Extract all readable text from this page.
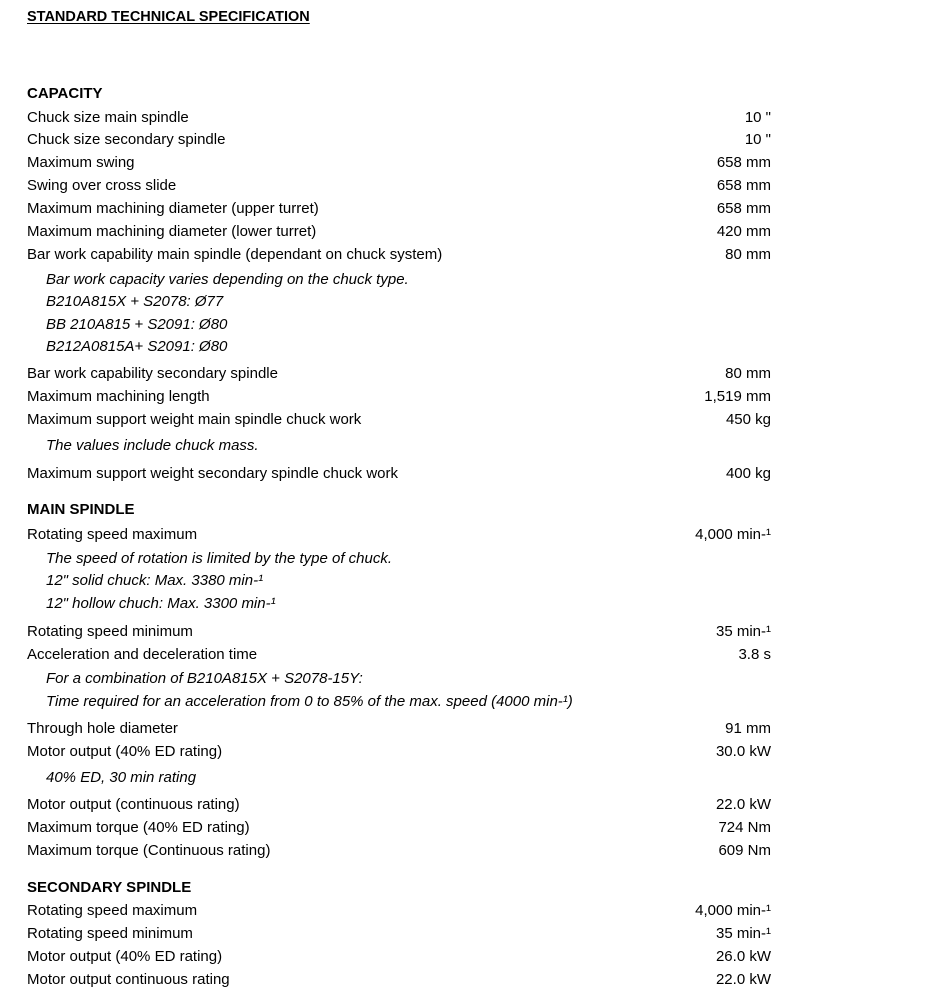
STANDARD TECHNICAL SPECIFICATION
CAPACITY
Chuck size main spindle	10 "
Chuck size secondary spindle	10 "
Maximum swing	658 mm
Swing over cross slide	658 mm
Maximum machining diameter (upper turret)	658 mm
Maximum machining diameter (lower turret)	420 mm
Bar work capability main spindle (dependant on chuck system)	80 mm
Bar work capacity varies depending on the chuck type.
B210A815X + S2078: Ø77
BB 210A815 + S2091: Ø80
B212A0815A+ S2091: Ø80
Bar work capability secondary spindle	80 mm
Maximum machining length	1,519 mm
Maximum support weight main spindle chuck work	450 kg
The values include chuck mass.
Maximum support weight secondary spindle chuck work	400 kg
MAIN SPINDLE
Rotating speed maximum	4,000 min-¹
The speed of rotation is limited by the type of chuck.
12" solid chuck: Max. 3380 min-¹
12" hollow chuch: Max. 3300 min-¹
Rotating speed minimum	35 min-¹
Acceleration and deceleration time	3.8 s
For a combination of B210A815X + S2078-15Y:
Time required for an acceleration from 0 to 85% of the max. speed (4000 min-¹)
Through hole diameter	91 mm
Motor output (40% ED rating)	30.0 kW
40% ED, 30 min rating
Motor output (continuous rating)	22.0 kW
Maximum torque (40% ED rating)	724 Nm
Maximum torque (Continuous rating)	609 Nm
SECONDARY SPINDLE
Rotating speed maximum	4,000 min-¹
Rotating speed minimum	35 min-¹
Motor output (40% ED rating)	26.0 kW
Motor output continuous rating	22.0 kW
